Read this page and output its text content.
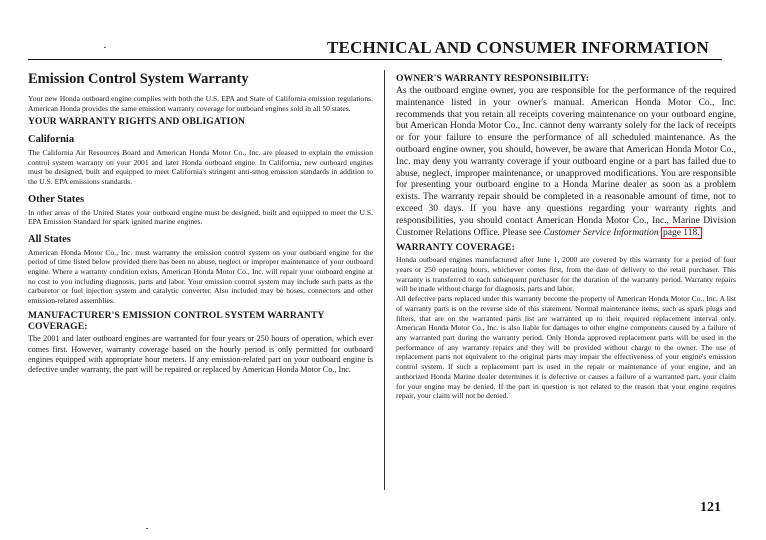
TECHNICAL AND CONSUMER INFORMATION
Emission Control System Warranty

Your new Honda outboard engine complies with both the U.S. EPA and State of California emission regulations. American Honda provides the same emission warranty coverage for outboard engines sold in all 50 states.

YOUR WARRANTY RIGHTS AND OBLIGATION
California

The California Air Resources Board and American Honda Motor Co., Inc. are pleased to explain the emission control system warranty on your 2001 and later Honda outboard engine. In California, new outboard engines must be designed, built and equipped to meet California's stringent anti-smog emission standards in addition to the U.S. EPA emissions standards.

Other States

In other areas of the United States your outboard engine must be designed, built and equipped to meet the U.S. EPA Emission Standard for spark ignited marine engines.

All States

American Honda Motor Co., Inc. must warranty the emission control system on your outboard engine for the period of time listed below provided there has been no abuse, neglect or improper maintenance of your outboard engine. Where a warranty condition exists, American Honda Motor Co., Inc. will repair your outboard engine at no cost to you including diagnosis, parts and labor. Your emission control system may include such parts as the carburetor or fuel injection system and catalytic converter. Also included may be hoses, connectors and other emission-related assemblies.

MANUFACTURER'S EMISSION CONTROL SYSTEM WARRANTY COVERAGE:

The 2001 and later outboard engines are warranted for four years or 250 hours of operation, which ever comes first. However, warranty coverage based on the hourly period is only permitted for outboard engines equipped with appropriate hour meters. If any emission-related part on your outboard engine is defective under warranty, the part will be repaired or replaced by American Honda Motor Co., Inc.

OWNER'S WARRANTY RESPONSIBILITY:

As the outboard engine owner, you are responsible for the performance of the required maintenance listed in your owner's manual. American Honda Motor Co., Inc. recommends that you retain all receipts covering maintenance on your outboard engine, but American Honda Motor Co., Inc. cannot deny warranty solely for the lack of receipts or for your failure to ensure the performance of all scheduled maintenance. As the outboard engine owner, you should, however, be aware that American Honda Motor Co., Inc. may deny you warranty coverage if your outboard engine or a part has failed due to abuse, neglect, improper maintenance, or unapproved modifications. You are responsible for presenting your outboard engine to a Honda Marine dealer as soon as a problem exists. The warranty repair should be completed in a reasonable amount of time, not to exceed 30 days. If you have any questions regarding your warranty rights and responsibilities, you should contact American Honda Motor Co., Inc., Marine Division Customer Relations Office. Please see Customer Service Information page 118.

WARRANTY COVERAGE:

Honda outboard engines manufactured after June 1, 2000 are covered by this warranty for a period of four years or 250 operating hours, whichever comes first, from the date of delivery to the retail purchaser. This warranty is transferred to each subsequent purchaser for the duration of the warranty period. Warranty repairs will be made without charge for diagnosis, parts and labor.

All defective parts replaced under this warranty become the property of American Honda Motor Co., Inc. A list of warranty parts is on the reverse side of this statement. Normal maintenance items, such as spark plugs and filters, that are on the warranted parts list are warranted up to their required replacement interval only. American Honda Motor Co., Inc. is also liable for damages to other engine components caused by a failure of any warranted part during the warranty period. Only Honda approved replacement parts will be used in the performance of any warranty repairs and they will be provided without charge to the owner. The use of replacement parts not equivalent to the original parts may impair the effectiveness of your engine's emission control system. If such a replacement part is used in the repair or maintenance of your engine, and an authorized Honda Marine dealer determines it is defective or causes a failure of a warranted part, your claim for your engine may be denied. If the part in question is not related to the reason that your engine requires repair, your claim will not be denied.

121
